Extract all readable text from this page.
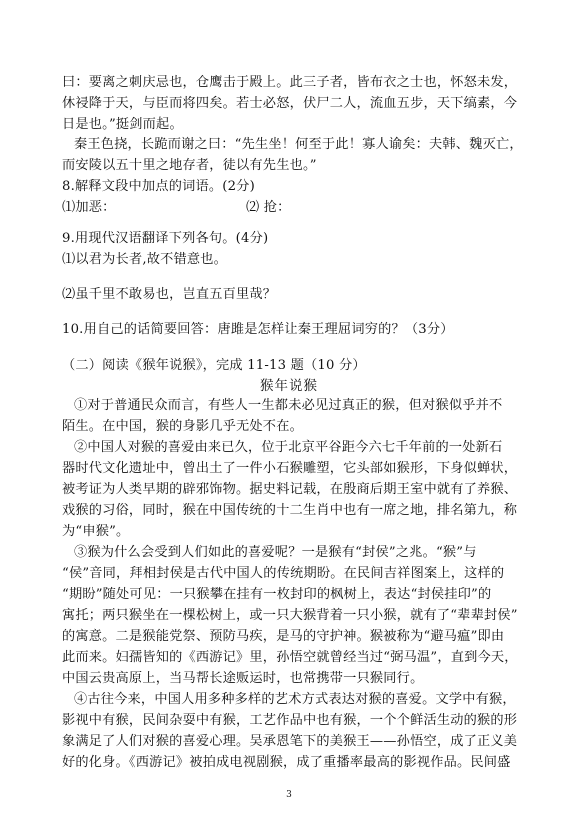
曰：要离之刺庆忌也，仓鹰击于殿上。此三子者，皆布衣之士也，怀怒未发，
休祲降于天，与臣而将四矣。若士必怒，伏尸二人，流血五步，天下缟素，今
日是也。”挺剑而起。
秦王色挠，长跪而谢之曰：“先生坐！何至于此！寡人谕矣：夫韩、魏灭亡，
而安陵以五十里之地存者，徒以有先生也。”
8.解释文段中加点的词语。(2分)
⑴加恶：	⑵ 抢：
9.用现代汉语翻译下列各句。(4分)
⑴以君为长者,故不错意也。
⑵虽千里不敢易也，岂直五百里哉？
10.用自己的话简要回答：唐雎是怎样让秦王理屈词穷的？（3分）
（二）阅读《猴年说猴》，完成 11-13 题（10 分）
猴年说猴
①对于普通民众而言，有些人一生都未必见过真正的猴，但对猴似乎并不
陌生。在中国，猴的身影几乎无处不在。
②中国人对猴的喜爱由来已久，位于北京平谷距今六七千年前的一处新石
器时代文化遗址中，曾出土了一件小石猴雕塑，它头部如猴形，下身似蝉状，
被考证为人类早期的辟邪饰物。据史料记载，在殷商后期王室中就有了养猴、
戏猴的习俗，同时，猴在中国传统的十二生肖中也有一席之地，排名第九，称
为“申猴”。
③猴为什么会受到人们如此的喜爱呢？一是猴有“封侯”之兆。“猴”与
“侯”音同，拜相封侯是古代中国人的传统期盼。在民间吉祥图案上，这样的
“期盼”随处可见：一只猴攀在挂有一枚封印的枫树上，表达“封侯挂印”的
寓托；两只猴坐在一棵松树上，或一只大猴背着一只小猴，就有了“辈辈封侯”
的寓意。二是猴能党祭、预防马疾，是马的守护神。猴被称为“避马瘟”即由
此而来。妇孺皆知的《西游记》里，孙悟空就曾经当过“弼马温”，直到今天，
中国云贵高原上，当马帮长途贩运时，也常携带一只猴同行。
④古往今来，中国人用多种多样的艺术方式表达对猴的喜爱。文学中有猴，
影视中有猴，民间杂耍中有猴，工艺作品中也有猴，一个个鲜活生动的猴的形
象满足了人们对猴的喜爱心理。吴承恩笔下的美猴王——孙悟空，成了正义美
好的化身。《西游记》被拍成电视剧猴，成了重播率最高的影视作品。民间盛
3
